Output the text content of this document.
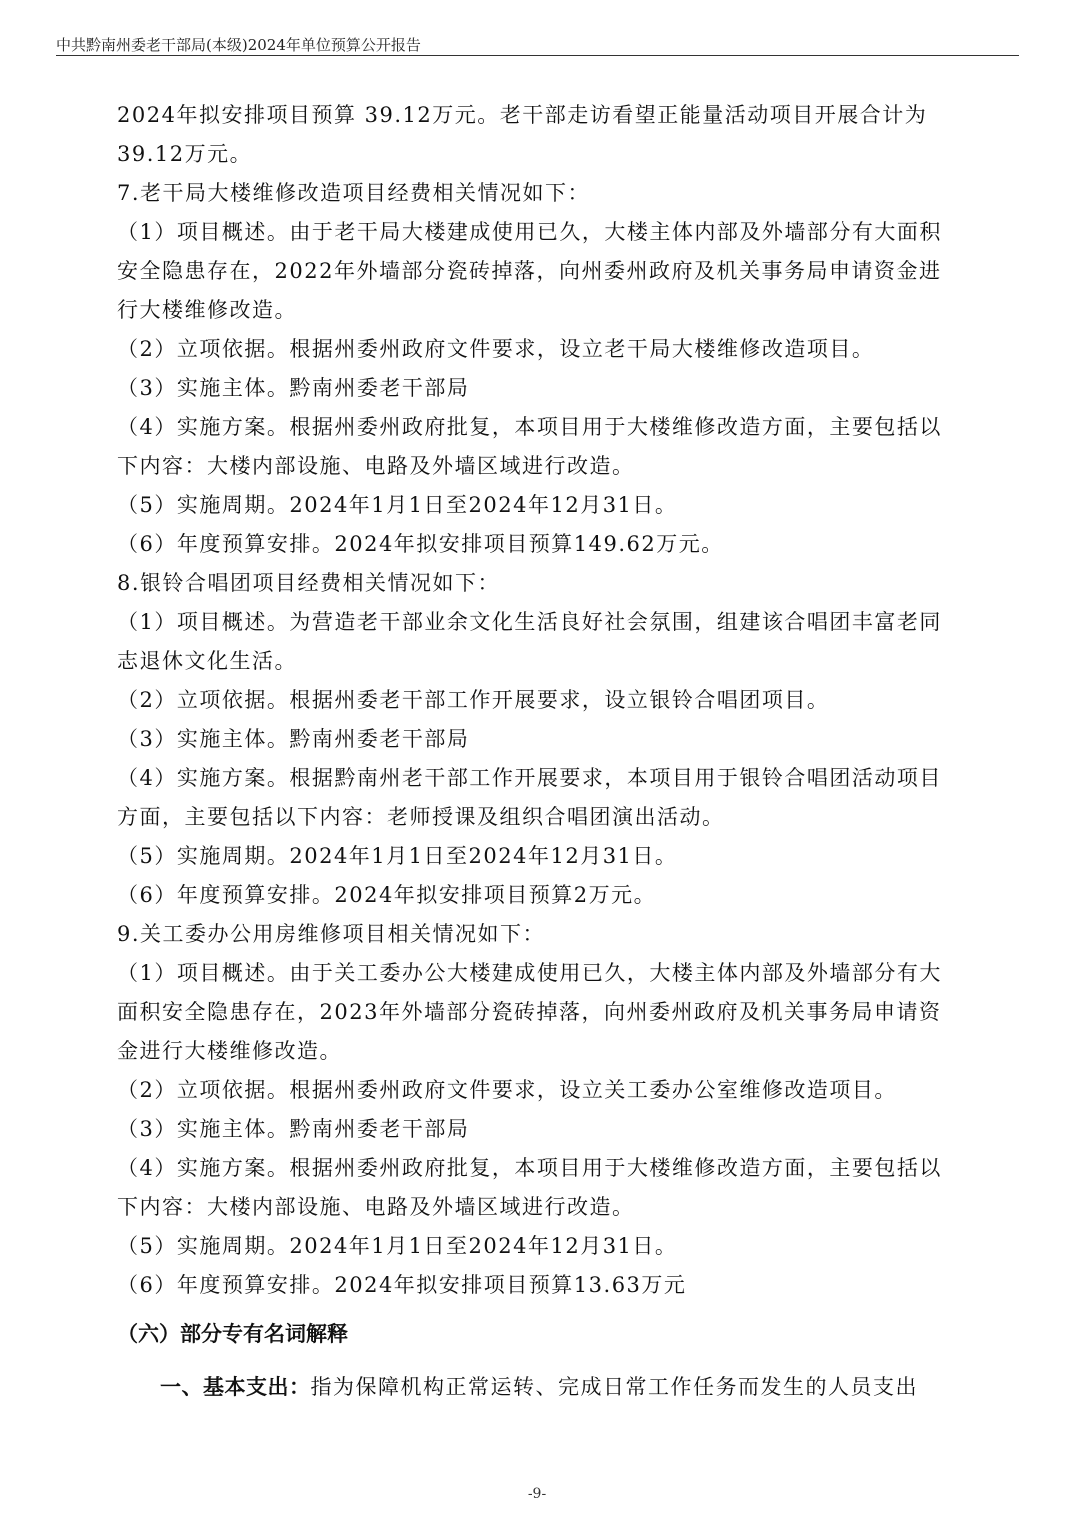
中共黔南州委老干部局(本级)2024年单位预算公开报告
2024年拟安排项目预算 39.12万元。老干部走访看望正能量活动项目开展合计为
39.12万元。
7.老干局大楼维修改造项目经费相关情况如下：
（1）项目概述。由于老干局大楼建成使用已久，大楼主体内部及外墙部分有大面积
安全隐患存在，2022年外墙部分瓷砖掉落，向州委州政府及机关事务局申请资金进
行大楼维修改造。
（2）立项依据。根据州委州政府文件要求，设立老干局大楼维修改造项目。
（3）实施主体。黔南州委老干部局
（4）实施方案。根据州委州政府批复，本项目用于大楼维修改造方面，主要包括以
下内容：大楼内部设施、电路及外墙区域进行改造。
（5）实施周期。2024年1月1日至2024年12月31日。
（6）年度预算安排。2024年拟安排项目预算149.62万元。
8.银铃合唱团项目经费相关情况如下：
（1）项目概述。为营造老干部业余文化生活良好社会氛围，组建该合唱团丰富老同
志退休文化生活。
（2）立项依据。根据州委老干部工作开展要求，设立银铃合唱团项目。
（3）实施主体。黔南州委老干部局
（4）实施方案。根据黔南州老干部工作开展要求，本项目用于银铃合唱团活动项目
方面，主要包括以下内容：老师授课及组织合唱团演出活动。
（5）实施周期。2024年1月1日至2024年12月31日。
（6）年度预算安排。2024年拟安排项目预算2万元。
9.关工委办公用房维修项目相关情况如下：
（1）项目概述。由于关工委办公大楼建成使用已久，大楼主体内部及外墙部分有大
面积安全隐患存在，2023年外墙部分瓷砖掉落，向州委州政府及机关事务局申请资
金进行大楼维修改造。
（2）立项依据。根据州委州政府文件要求，设立关工委办公室维修改造项目。
（3）实施主体。黔南州委老干部局
（4）实施方案。根据州委州政府批复，本项目用于大楼维修改造方面，主要包括以
下内容：大楼内部设施、电路及外墙区域进行改造。
（5）实施周期。2024年1月1日至2024年12月31日。
（6）年度预算安排。2024年拟安排项目预算13.63万元
（六）部分专有名词解释
一、基本支出：指为保障机构正常运转、完成日常工作任务而发生的人员支出
-9-
